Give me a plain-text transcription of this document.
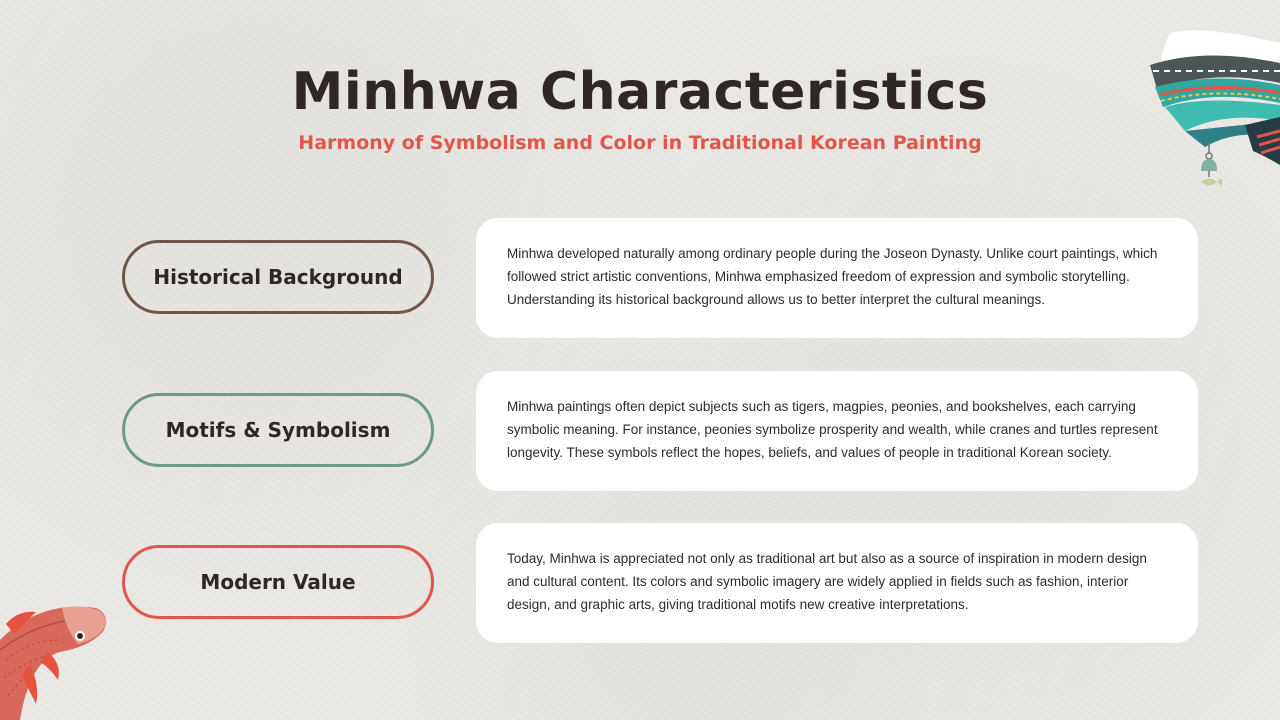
Minhwa Characteristics
Harmony of Symbolism and Color in Traditional Korean Painting
Historical Background
Minhwa developed naturally among ordinary people during the Joseon Dynasty. Unlike court paintings, which followed strict artistic conventions, Minhwa emphasized freedom of expression and symbolic storytelling. Understanding its historical background allows us to better interpret the cultural meanings.
Motifs & Symbolism
Minhwa paintings often depict subjects such as tigers, magpies, peonies, and bookshelves, each carrying symbolic meaning. For instance, peonies symbolize prosperity and wealth, while cranes and turtles represent longevity. These symbols reflect the hopes, beliefs, and values of people in traditional Korean society.
Modern Value
Today, Minhwa is appreciated not only as traditional art but also as a source of inspiration in modern design and cultural content. Its colors and symbolic imagery are widely applied in fields such as fashion, interior design, and graphic arts, giving traditional motifs new creative interpretations.
